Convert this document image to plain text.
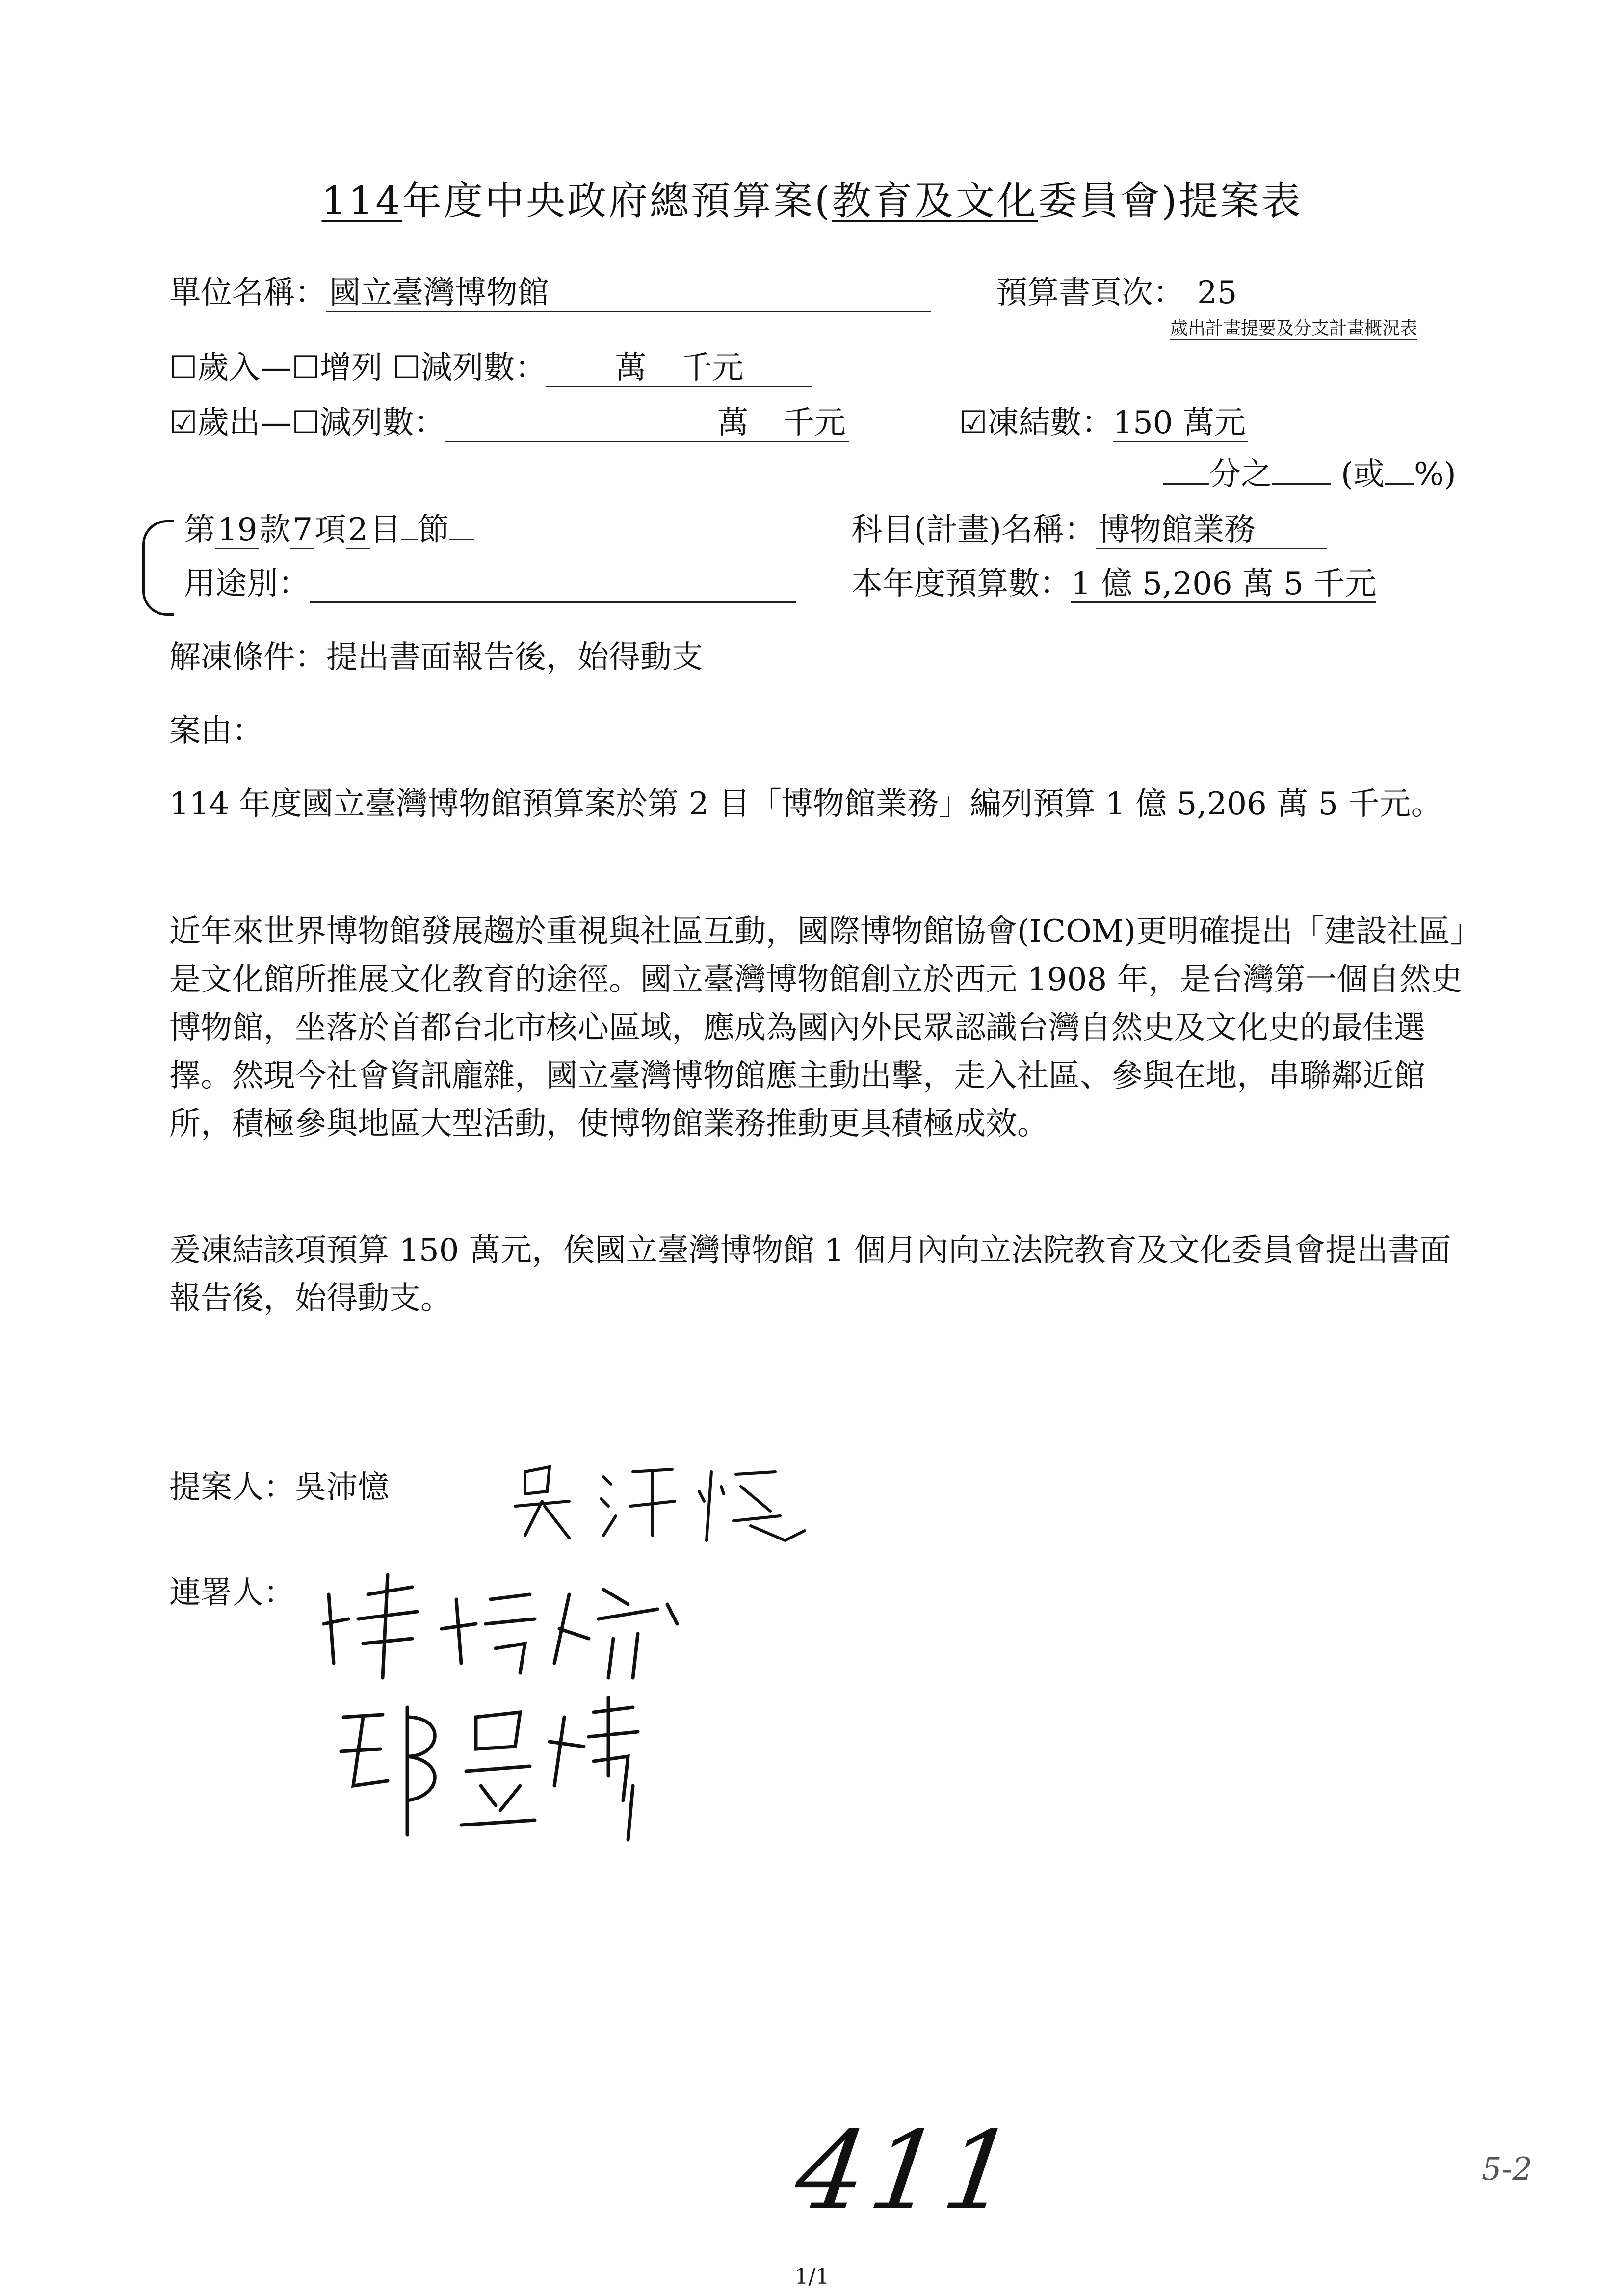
114年度中央政府總預算案(教育及文化委員會)提案表
單位名稱：國立臺灣博物館	預算書頁次： 25
歲出計畫提要及分支計畫概況表
☐歲入—☐增列 ☐減列數： 萬 千元
☑歲出—☐減列數：	萬 千元	☑凍結數：150 萬元
分之 (或 %)
第19款7項2目 節	科目(計畫)名稱：博物館業務
用途別：	本年度預算數：1 億 5,206 萬 5 千元
解凍條件：提出書面報告後，始得動支
案由：
114 年度國立臺灣博物館預算案於第 2 目「博物館業務」編列預算 1 億 5,206 萬 5 千元。
近年來世界博物館發展趨於重視與社區互動，國際博物館協會(ICOM)更明確提出「建設社區」是文化館所推展文化教育的途徑。國立臺灣博物館創立於西元 1908 年，是台灣第一個自然史博物館，坐落於首都台北市核心區域，應成為國內外民眾認識台灣自然史及文化史的最佳選擇。然現今社會資訊龐雜，國立臺灣博物館應主動出擊，走入社區、參與在地，串聯鄰近館所，積極參與地區大型活動，使博物館業務推動更具積極成效。
爰凍結該項預算 150 萬元，俟國立臺灣博物館 1 個月內向立法院教育及文化委員會提出書面報告後，始得動支。
提案人：吳沛憶
連署人：
411	5-2
1/1
